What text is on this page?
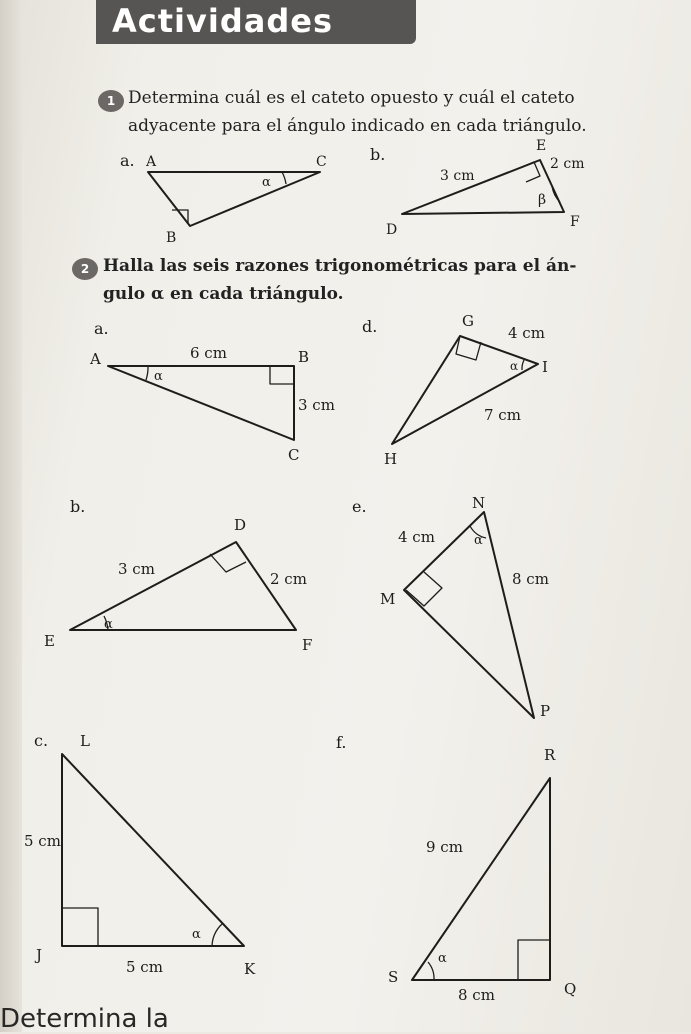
Actividades
1 Determina cuál es el cateto opuesto y cuál el cateto
adyacente para el ángulo indicado en cada triángulo.
2 Halla las seis razones trigonométricas para el án-
gulo α en cada triángulo.
a. A	C
B
α
b.	E
D	F
β
3 cm
2 cm
a.
A	B
C
α
6 cm
3 cm
d.	G
I
H
α
4 cm
7 cm
b.
D
E	F
α
3 cm
2 cm
e.	N
M
P
α
4 cm
8 cm
c. L
J
K
α
5 cm
5 cm
f.
R
S
Q
α
9 cm
8 cm
Determina la
